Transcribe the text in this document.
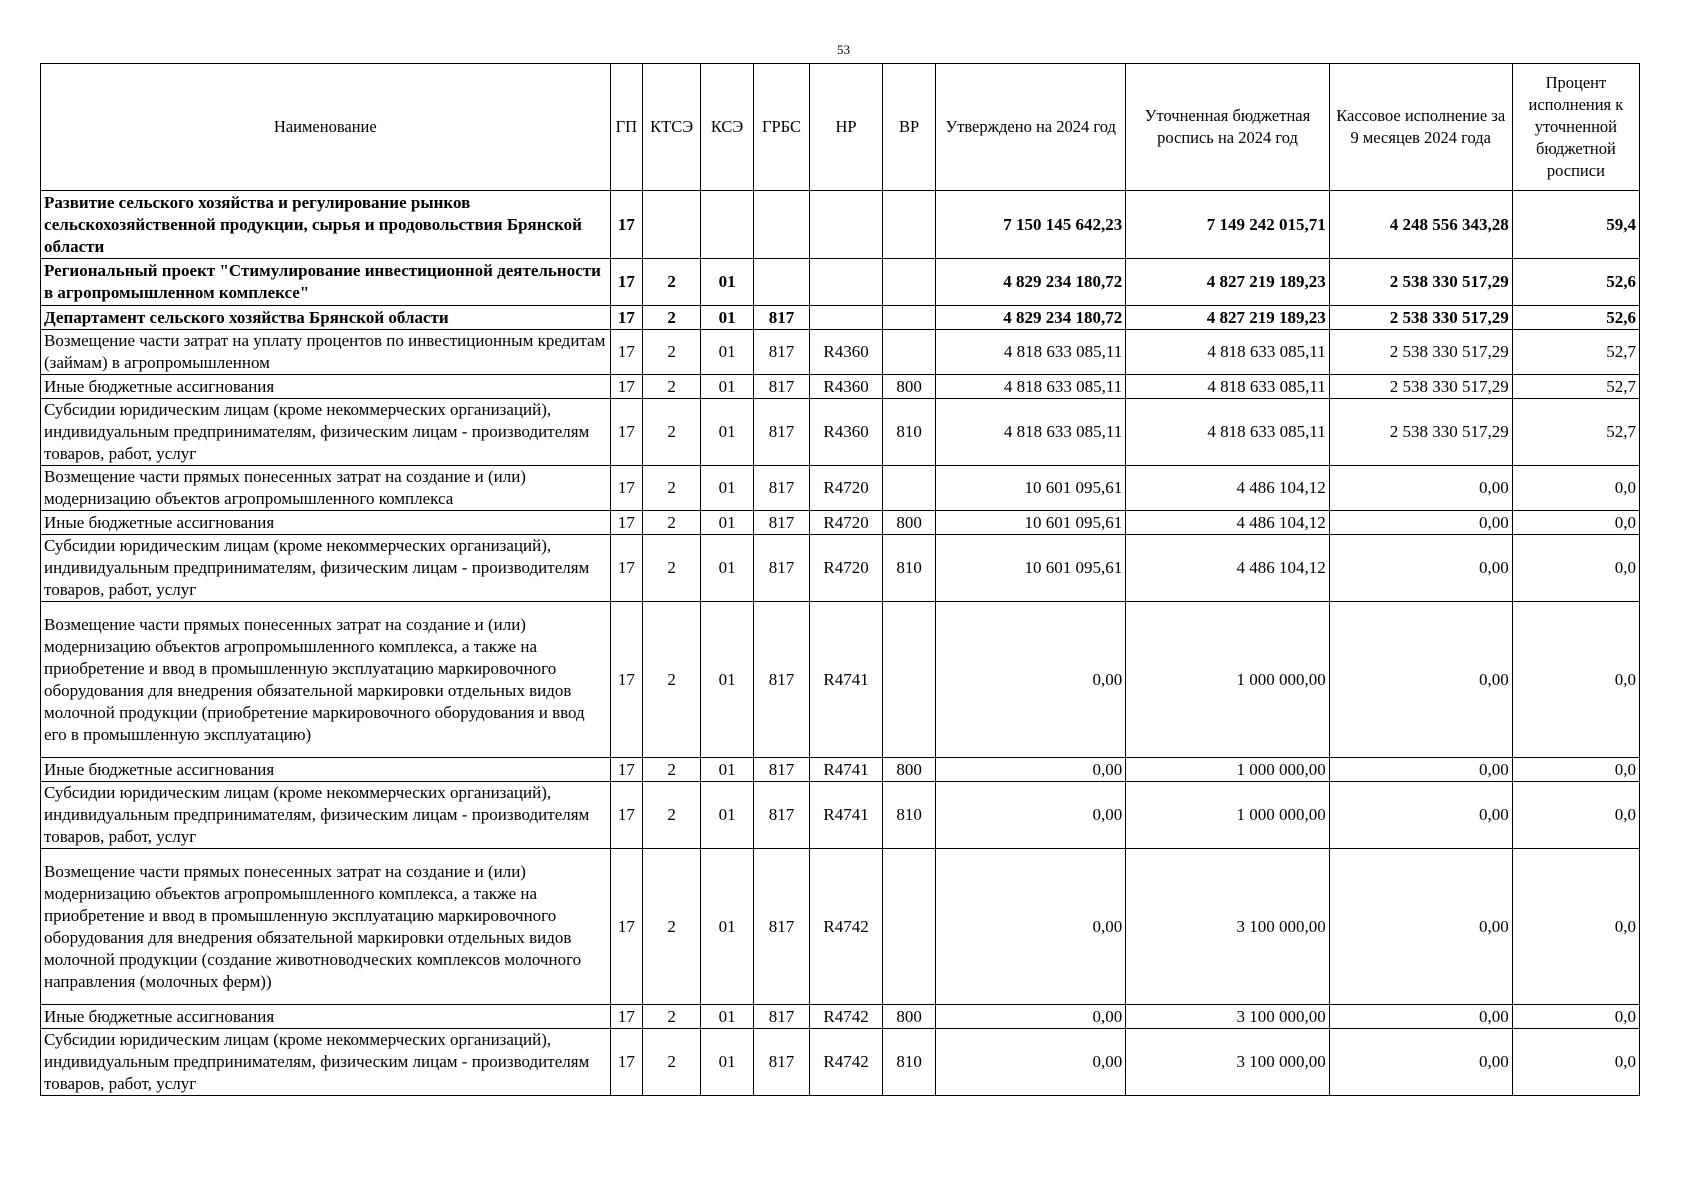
53
Наименование	ГП	КТСЭ	КСЭ	ГРБС	НР	ВР	Утверждено на 2024 год	Уточненная бюджетная роспись на 2024 год	Кассовое исполнение за 9 месяцев 2024 года	Процент исполнения к уточненной бюджетной росписи
Развитие сельского хозяйства и регулирование рынков сельскохозяйственной продукции, сырья и продовольствия Брянской области	17						7 150 145 642,23	7 149 242 015,71	4 248 556 343,28	59,4
Региональный проект "Стимулирование инвестиционной деятельности в агропромышленном комплексе"	17	2	01				4 829 234 180,72	4 827 219 189,23	2 538 330 517,29	52,6
Департамент сельского хозяйства Брянской области	17	2	01	817			4 829 234 180,72	4 827 219 189,23	2 538 330 517,29	52,6
Возмещение части затрат на уплату процентов по инвестиционным кредитам (займам) в агропромышленном	17	2	01	817	R4360		4 818 633 085,11	4 818 633 085,11	2 538 330 517,29	52,7
Иные бюджетные ассигнования	17	2	01	817	R4360	800	4 818 633 085,11	4 818 633 085,11	2 538 330 517,29	52,7
Субсидии юридическим лицам (кроме некоммерческих организаций), индивидуальным предпринимателям, физическим лицам - производителям товаров, работ, услуг	17	2	01	817	R4360	810	4 818 633 085,11	4 818 633 085,11	2 538 330 517,29	52,7
Возмещение части прямых понесенных затрат на создание и (или) модернизацию объектов агропромышленного комплекса	17	2	01	817	R4720		10 601 095,61	4 486 104,12	0,00	0,0
Иные бюджетные ассигнования	17	2	01	817	R4720	800	10 601 095,61	4 486 104,12	0,00	0,0
Субсидии юридическим лицам (кроме некоммерческих организаций), индивидуальным предпринимателям, физическим лицам - производителям товаров, работ, услуг	17	2	01	817	R4720	810	10 601 095,61	4 486 104,12	0,00	0,0
Возмещение части прямых понесенных затрат на создание и (или) модернизацию объектов агропромышленного комплекса, а также на приобретение и ввод в промышленную эксплуатацию маркировочного оборудования для внедрения обязательной маркировки отдельных видов молочной продукции (приобретение маркировочного оборудования и ввод его в промышленную эксплуатацию)	17	2	01	817	R4741		0,00	1 000 000,00	0,00	0,0
Иные бюджетные ассигнования	17	2	01	817	R4741	800	0,00	1 000 000,00	0,00	0,0
Субсидии юридическим лицам (кроме некоммерческих организаций), индивидуальным предпринимателям, физическим лицам - производителям товаров, работ, услуг	17	2	01	817	R4741	810	0,00	1 000 000,00	0,00	0,0
Возмещение части прямых понесенных затрат на создание и (или) модернизацию объектов агропромышленного комплекса, а также на приобретение и ввод в промышленную эксплуатацию маркировочного оборудования для внедрения обязательной маркировки отдельных видов молочной продукции (создание животноводческих комплексов молочного направления (молочных ферм))	17	2	01	817	R4742		0,00	3 100 000,00	0,00	0,0
Иные бюджетные ассигнования	17	2	01	817	R4742	800	0,00	3 100 000,00	0,00	0,0
Субсидии юридическим лицам (кроме некоммерческих организаций), индивидуальным предпринимателям, физическим лицам - производителям товаров, работ, услуг	17	2	01	817	R4742	810	0,00	3 100 000,00	0,00	0,0
